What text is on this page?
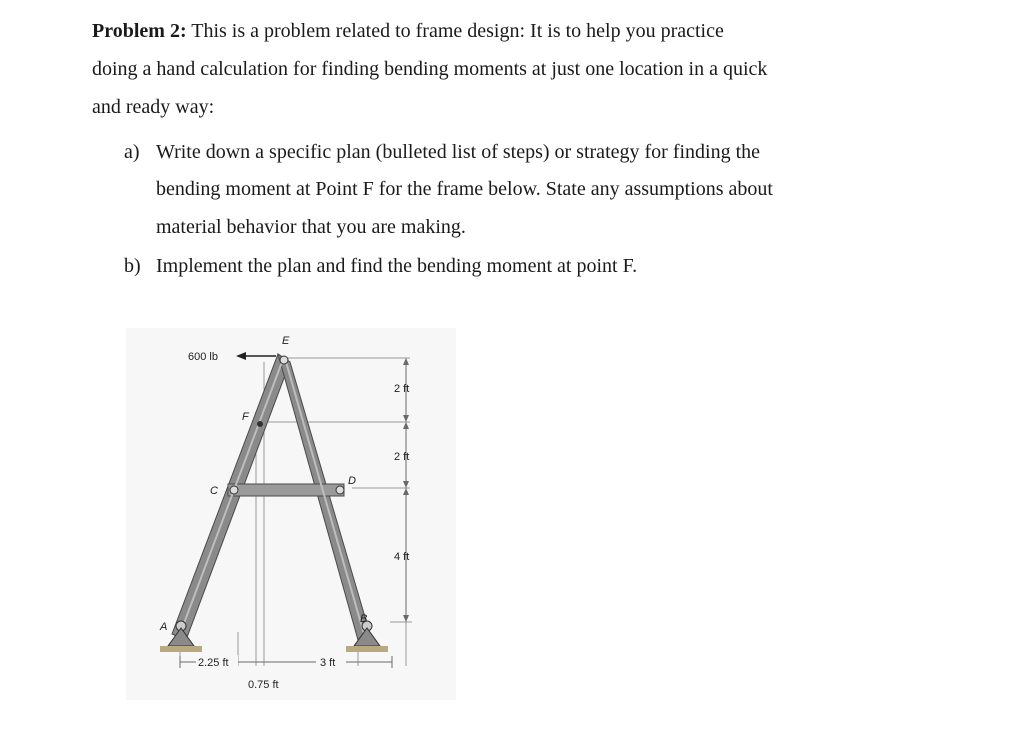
Problem 2: This is a problem related to frame design: It is to help you practice
doing a hand calculation for finding bending moments at just one location in a quick
and ready way:
a) Write down a specific plan (bulleted list of steps) or strategy for finding the
bending moment at Point F for the frame below. State any assumptions about
material behavior that you are making.
b) Implement the plan and find the bending moment at point F.
600 lb
E
F
C
D
A
B
2 ft
2 ft
4 ft
2.25 ft	3 ft
0.75 ft
